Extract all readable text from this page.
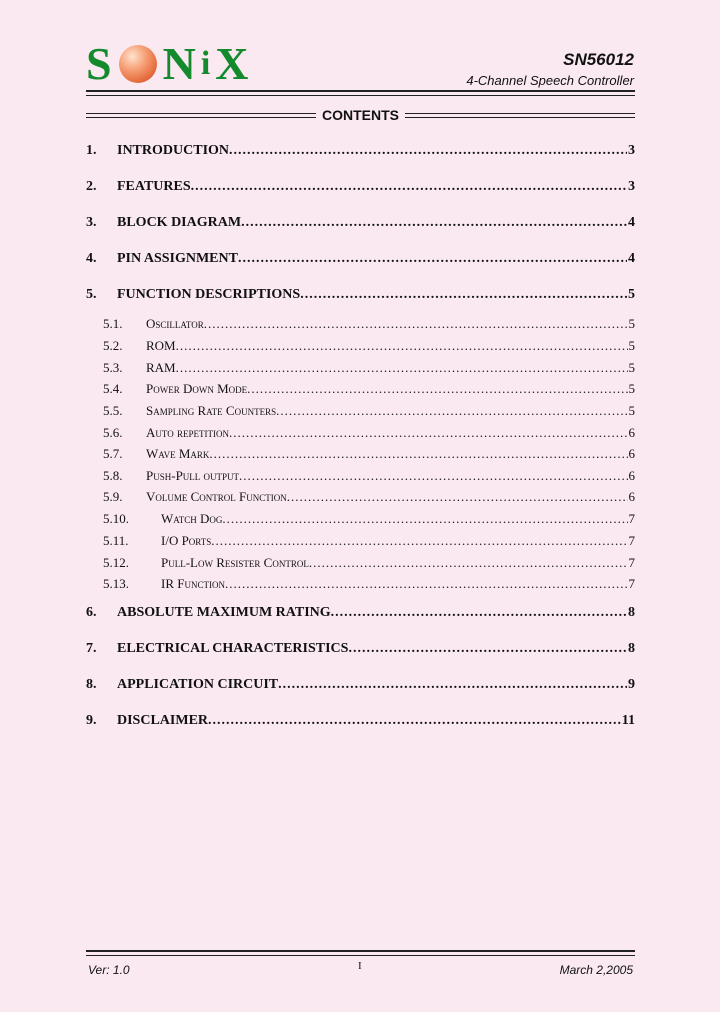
S N i X	SN56012
4-Channel Speech Controller
CONTENTS
1.	INTRODUCTION .....	3
2.	FEATURES .....	3
3.	BLOCK DIAGRAM .....	4
4.	PIN ASSIGNMENT .....	4
5.	FUNCTION DESCRIPTIONS .....	5
5.1.	Oscillator .....	5
5.2.	ROM .....	5
5.3.	RAM .....	5
5.4.	Power Down Mode .....	5
5.5.	Sampling Rate Counters .....	5
5.6.	Auto repetition .....	6
5.7.	Wave Mark .....	6
5.8.	Push-Pull output .....	6
5.9.	Volume Control Function .....	6
5.10.	Watch Dog .....	7
5.11.	I/O Ports .....	7
5.12.	Pull-Low Resister Control .....	7
5.13.	IR Function .....	7
6.	ABSOLUTE MAXIMUM RATING .....	8
7.	ELECTRICAL CHARACTERISTICS .....	8
8.	APPLICATION CIRCUIT .....	9
9.	DISCLAIMER .....	11
Ver: 1.0	I	March 2,2005
